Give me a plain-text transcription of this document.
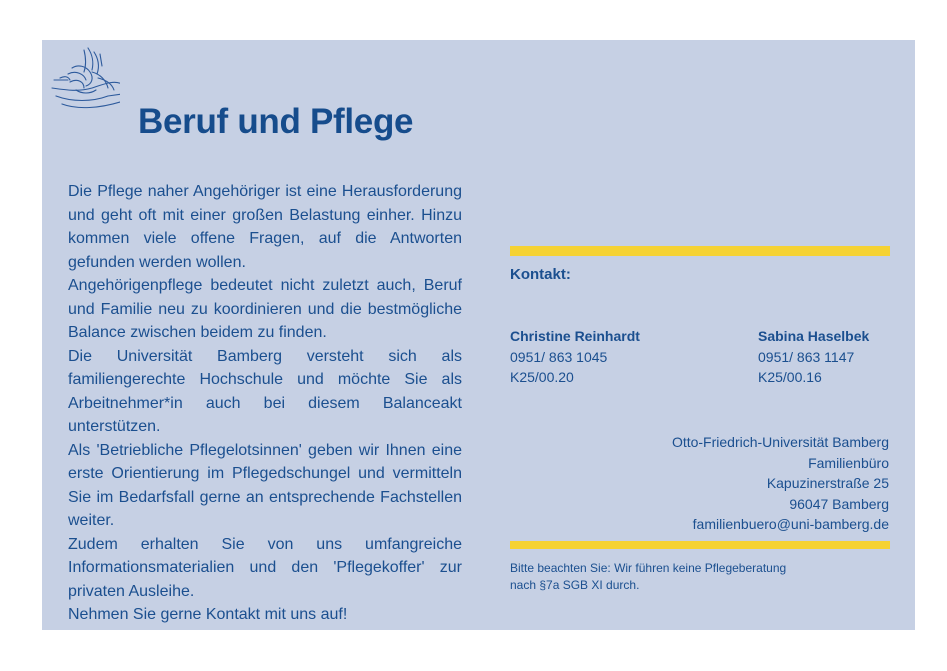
Beruf und Pflege

Die Pflege naher Angehöriger ist eine Herausforderung und geht oft mit einer großen Belastung einher. Hinzu kommen viele offene Fragen, auf die Antworten gefunden werden wollen.

Angehörigenpflege bedeutet nicht zuletzt auch, Beruf und Familie neu zu koordinieren und die bestmögliche Balance zwischen beidem zu finden.

Die Universität Bamberg versteht sich als familiengerechte Hochschule und möchte Sie als Arbeitnehmer*in auch bei diesem Balanceakt unterstützen.

Als 'Betriebliche Pflegelotsinnen' geben wir Ihnen eine erste Orientierung im Pflegedschungel und vermitteln Sie im Bedarfsfall gerne an entsprechende Fachstellen weiter.

Zudem erhalten Sie von uns umfangreiche Informationsmaterialien und den 'Pflegekoffer' zur privaten Ausleihe.

Nehmen Sie gerne Kontakt mit uns auf!

Kontakt:
Christine Reinhardt
0951/ 863 1045
K25/00.20
Sabina Haselbek
0951/ 863 1147
K25/00.16
Otto-Friedrich-Universität Bamberg
Familienbüro
Kapuzinerstraße 25
96047 Bamberg
familienbuero@uni-bamberg.de
Bitte beachten Sie: Wir führen keine Pflegeberatung
nach §7a SGB XI durch.
